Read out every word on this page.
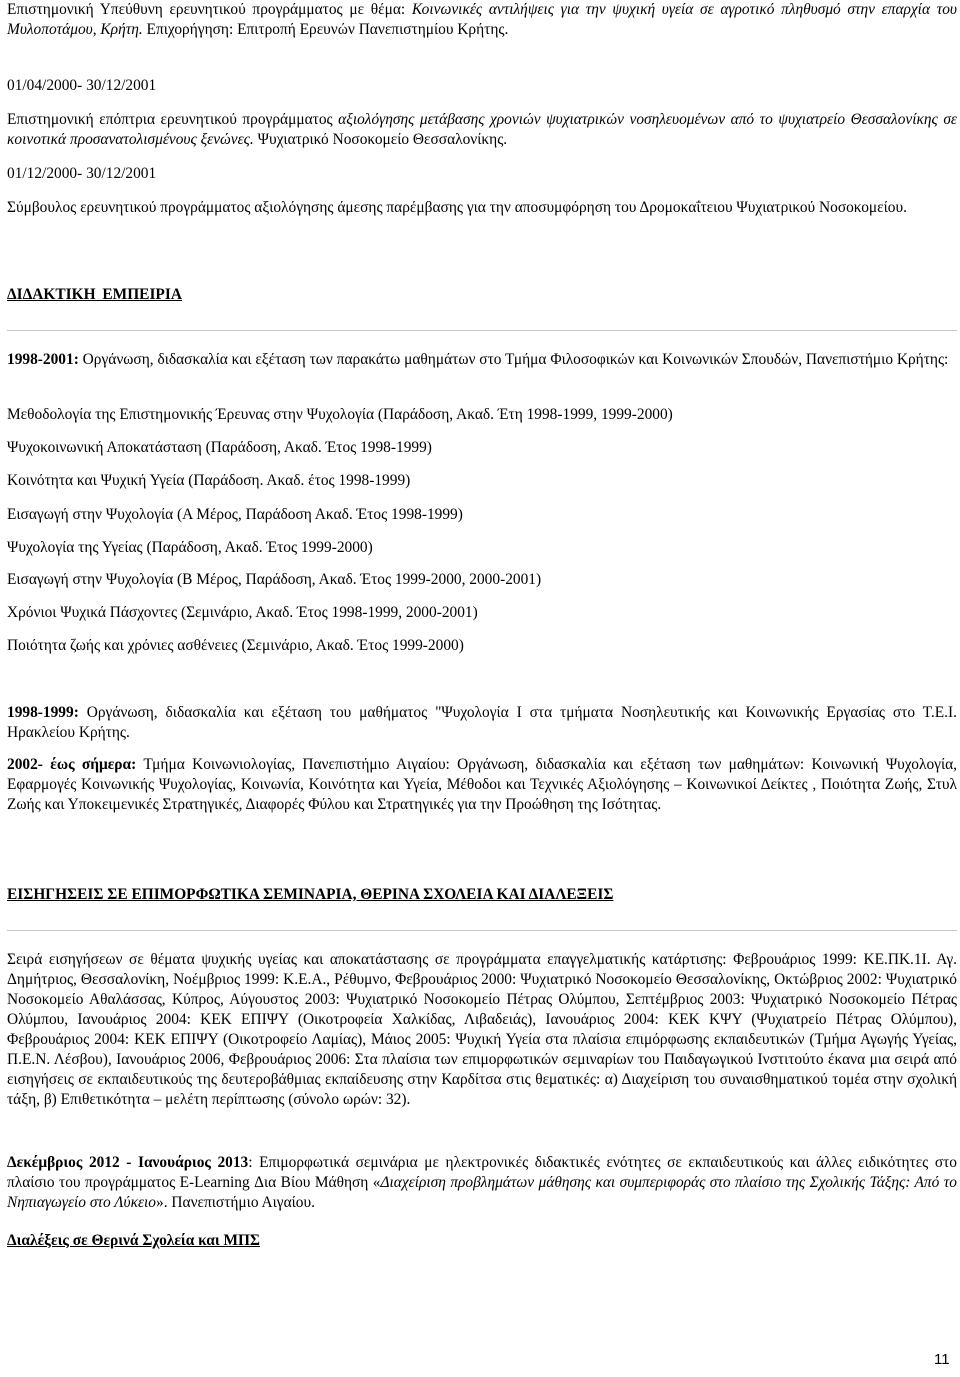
Επιστημονική Υπεύθυνη ερευνητικού προγράμματος με θέμα: Κοινωνικές αντιλήψεις για την ψυχική υγεία σε αγροτικό πληθυσμό στην επαρχία του Μυλοποτάμου, Κρήτη. Επιχορήγηση: Επιτροπή Ερευνών Πανεπιστημίου Κρήτης.

01/04/2000- 30/12/2001

Επιστημονική επόπτρια ερευνητικού προγράμματος αξιολόγησης μετάβασης χρονιών ψυχιατρικών νοσηλευομένων από το ψυχιατρείο Θεσσαλονίκης σε κοινοτικά προσανατολισμένους ξενώνες. Ψυχιατρικό Νοσοκομείο Θεσσαλονίκης.

01/12/2000- 30/12/2001

Σύμβουλος ερευνητικού προγράμματος αξιολόγησης άμεσης παρέμβασης για την αποσυμφόρηση του Δρομοκαΐτειου Ψυχιατρικού Νοσοκομείου.

ΔΙΔΑΚΤΙΚΗ ΕΜΠΕΙΡΙΑ

1998-2001: Οργάνωση, διδασκαλία και εξέταση των παρακάτω μαθημάτων στο Τμήμα Φιλοσοφικών και Κοινωνικών Σπουδών, Πανεπιστήμιο Κρήτης:

Μεθοδολογία της Επιστημονικής Έρευνας στην Ψυχολογία (Παράδοση, Ακαδ. Έτη 1998-1999, 1999-2000)
Ψυχοκοινωνική Αποκατάσταση (Παράδοση, Ακαδ. Έτος 1998-1999)
Κοινότητα και Ψυχική Υγεία (Παράδοση. Ακαδ. έτος 1998-1999)
Εισαγωγή στην Ψυχολογία (Α Μέρος, Παράδοση Ακαδ. Έτος 1998-1999)
Ψυχολογία της Υγείας (Παράδοση, Ακαδ. Έτος 1999-2000)
Εισαγωγή στην Ψυχολογία (Β Μέρος, Παράδοση, Ακαδ. Έτος 1999-2000, 2000-2001)
Χρόνιοι Ψυχικά Πάσχοντες (Σεμινάριο, Ακαδ. Έτος 1998-1999, 2000-2001)
Ποιότητα ζωής και χρόνιες ασθένειες (Σεμινάριο, Ακαδ. Έτος 1999-2000)

1998-1999: Οργάνωση, διδασκαλία και εξέταση του μαθήματος "Ψυχολογία Ι στα τμήματα Νοσηλευτικής και Κοινωνικής Εργασίας στο Τ.Ε.Ι. Ηρακλείου Κρήτης.

2002- έως σήμερα: Τμήμα Κοινωνιολογίας, Πανεπιστήμιο Αιγαίου: Οργάνωση, διδασκαλία και εξέταση των μαθημάτων: Κοινωνική Ψυχολογία, Εφαρμογές Κοινωνικής Ψυχολογίας, Κοινωνία, Κοινότητα και Υγεία, Μέθοδοι και Τεχνικές Αξιολόγησης – Κοινωνικοί Δείκτες , Ποιότητα Ζωής, Στυλ Ζωής και Υποκειμενικές Στρατηγικές, Διαφορές Φύλου και Στρατηγικές για την Προώθηση της Ισότητας.

ΕΙΣΗΓΗΣΕΙΣ ΣΕ ΕΠΙΜΟΡΦΩΤΙΚΑ ΣΕΜΙΝΑΡΙΑ, ΘΕΡΙΝΑ ΣΧΟΛΕΙΑ ΚΑΙ ΔΙΑΛΕΞΕΙΣ

Σειρά εισηγήσεων σε θέματα ψυχικής υγείας και αποκατάστασης σε προγράμματα επαγγελματικής κατάρτισης: Φεβρουάριος 1999: ΚΕ.ΠΚ.1Ι. Αγ. Δημήτριος, Θεσσαλονίκη, Νοέμβριος 1999: Κ.Ε.Α., Ρέθυμνο, Φεβρουάριος 2000: Ψυχιατρικό Νοσοκομείο Θεσσαλονίκης, Οκτώβριος 2002: Ψυχιατρικό Νοσοκομείο Αθαλάσσας, Κύπρος, Αύγουστος 2003: Ψυχιατρικό Νοσοκομείο Πέτρας Ολύμπου, Σεπτέμβριος 2003: Ψυχιατρικό Νοσοκομείο Πέτρας Ολύμπου, Ιανουάριος 2004: ΚΕΚ ΕΠΙΨΥ (Οικοτροφεία Χαλκίδας, Λιβαδειάς), Ιανουάριος 2004: ΚΕΚ ΚΨΥ (Ψυχιατρείο Πέτρας Ολύμπου), Φεβρουάριος 2004: ΚΕΚ ΕΠΙΨΥ (Οικοτροφείο Λαμίας), Μάιος 2005: Ψυχική Υγεία στα πλαίσια επιμόρφωσης εκπαιδευτικών (Τμήμα Αγωγής Υγείας, Π.Ε.Ν. Λέσβου), Ιανουάριος 2006, Φεβρουάριος 2006: Στα πλαίσια των επιμορφωτικών σεμιναρίων του Παιδαγωγικού Ινστιτούτο έκανα μια σειρά από εισηγήσεις σε εκπαιδευτικούς της δευτεροβάθμιας εκπαίδευσης στην Καρδίτσα στις θεματικές: α) Διαχείριση του συναισθηματικού τομέα στην σχολική τάξη, β) Επιθετικότητα – μελέτη περίπτωσης (σύνολο ωρών: 32).

Δεκέμβριος 2012 - Ιανουάριος 2013: Επιμορφωτικά σεμινάρια με ηλεκτρονικές διδακτικές ενότητες σε εκπαιδευτικούς και άλλες ειδικότητες στο πλαίσιο του προγράμματος E-Learning Δια Βίου Μάθηση «Διαχείριση προβλημάτων μάθησης και συμπεριφοράς στο πλαίσιο της Σχολικής Τάξης: Από το Νηπιαγωγείο στο Λύκειο». Πανεπιστήμιο Αιγαίου.

Διαλέξεις σε Θερινά Σχολεία και ΜΠΣ
11
